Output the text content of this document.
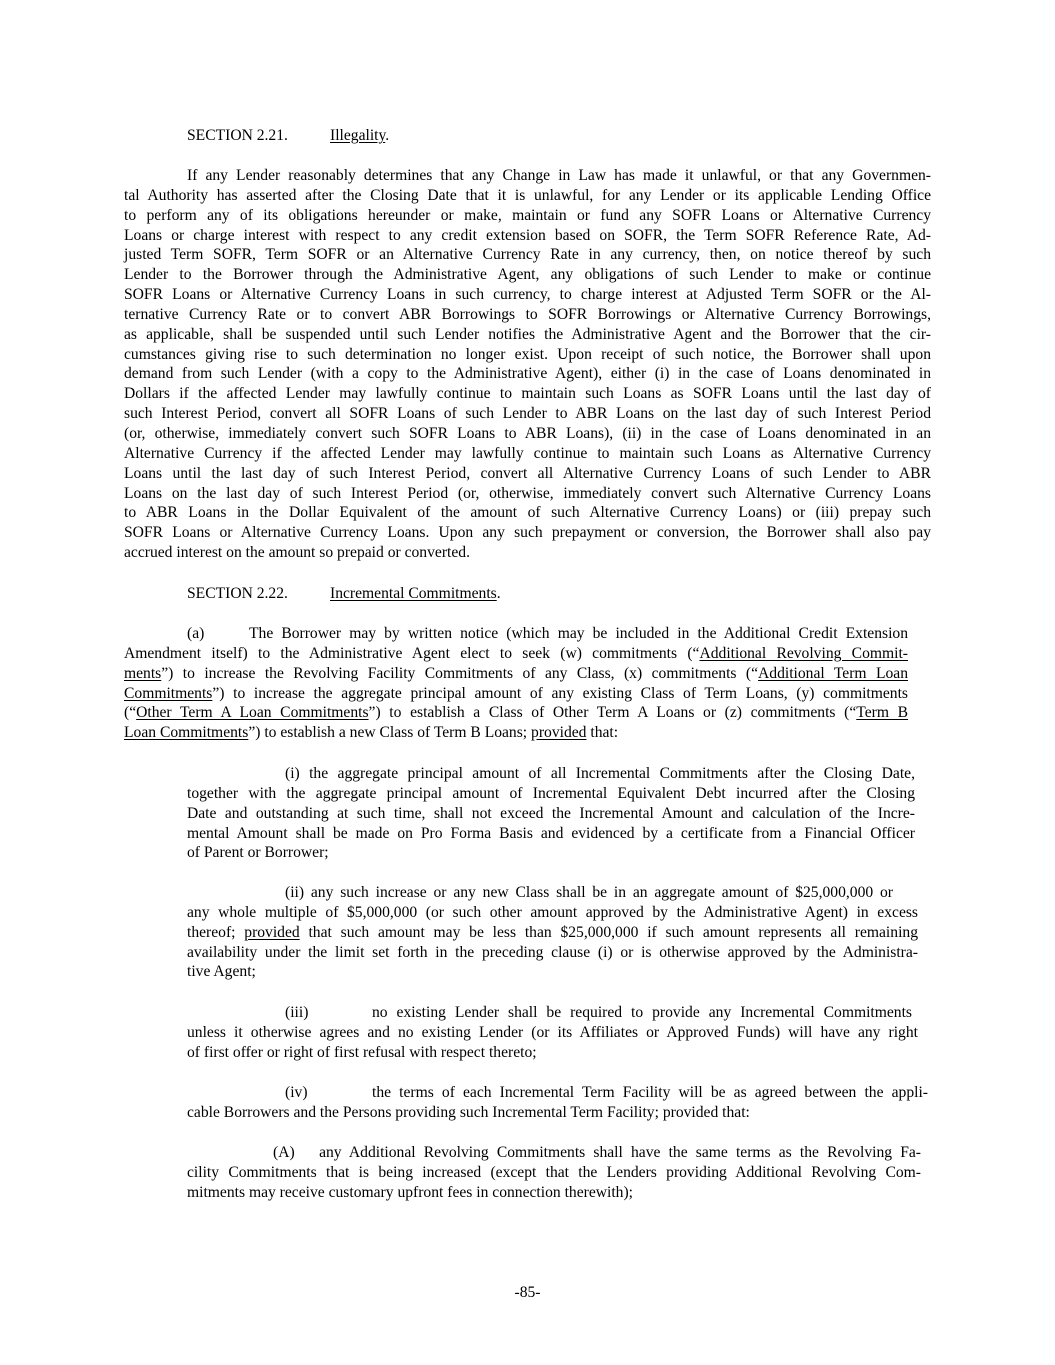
SECTION 2.21.	Illegality.
If any Lender reasonably determines that any Change in Law has made it unlawful, or that any Governmen-
tal Authority has asserted after the Closing Date that it is unlawful, for any Lender or its applicable Lending Office
to perform any of its obligations hereunder or make, maintain or fund any SOFR Loans or Alternative Currency
Loans or charge interest with respect to any credit extension based on SOFR, the Term SOFR Reference Rate, Ad-
justed Term SOFR, Term SOFR or an Alternative Currency Rate in any currency, then, on notice thereof by such
Lender to the Borrower through the Administrative Agent, any obligations of such Lender to make or continue
SOFR Loans or Alternative Currency Loans in such currency, to charge interest at Adjusted Term SOFR or the Al-
ternative Currency Rate or to convert ABR Borrowings to SOFR Borrowings or Alternative Currency Borrowings,
as applicable, shall be suspended until such Lender notifies the Administrative Agent and the Borrower that the cir-
cumstances giving rise to such determination no longer exist. Upon receipt of such notice, the Borrower shall upon
demand from such Lender (with a copy to the Administrative Agent), either (i) in the case of Loans denominated in
Dollars if the affected Lender may lawfully continue to maintain such Loans as SOFR Loans until the last day of
such Interest Period, convert all SOFR Loans of such Lender to ABR Loans on the last day of such Interest Period
(or, otherwise, immediately convert such SOFR Loans to ABR Loans), (ii) in the case of Loans denominated in an
Alternative Currency if the affected Lender may lawfully continue to maintain such Loans as Alternative Currency
Loans until the last day of such Interest Period, convert all Alternative Currency Loans of such Lender to ABR
Loans on the last day of such Interest Period (or, otherwise, immediately convert such Alternative Currency Loans
to ABR Loans in the Dollar Equivalent of the amount of such Alternative Currency Loans) or (iii) prepay such
SOFR Loans or Alternative Currency Loans. Upon any such prepayment or conversion, the Borrower shall also pay
accrued interest on the amount so prepaid or converted.
SECTION 2.22.	Incremental Commitments.
(a)	The Borrower may by written notice (which may be included in the Additional Credit Extension
Amendment itself) to the Administrative Agent elect to seek (w) commitments (“Additional Revolving Commit-
ments”) to increase the Revolving Facility Commitments of any Class, (x) commitments (“Additional Term Loan
Commitments”) to increase the aggregate principal amount of any existing Class of Term Loans, (y) commitments
(“Other Term A Loan Commitments”) to establish a Class of Other Term A Loans or (z) commitments (“Term B
Loan Commitments”) to establish a new Class of Term B Loans; provided that:
(i) the aggregate principal amount of all Incremental Commitments after the Closing Date,
together with the aggregate principal amount of Incremental Equivalent Debt incurred after the Closing
Date and outstanding at such time, shall not exceed the Incremental Amount and calculation of the Incre-
mental Amount shall be made on Pro Forma Basis and evidenced by a certificate from a Financial Officer
of Parent or Borrower;
(ii) any such increase or any new Class shall be in an aggregate amount of $25,000,000 or
any whole multiple of $5,000,000 (or such other amount approved by the Administrative Agent) in excess
thereof; provided that such amount may be less than $25,000,000 if such amount represents all remaining
availability under the limit set forth in the preceding clause (i) or is otherwise approved by the Administra-
tive Agent;
(iii)	no existing Lender shall be required to provide any Incremental Commitments
unless it otherwise agrees and no existing Lender (or its Affiliates or Approved Funds) will have any right
of first offer or right of first refusal with respect thereto;
(iv)	the terms of each Incremental Term Facility will be as agreed between the appli-
cable Borrowers and the Persons providing such Incremental Term Facility; provided that:
(A)   any Additional Revolving Commitments shall have the same terms as the Revolving Fa-
cility Commitments that is being increased (except that the Lenders providing Additional Revolving Com-
mitments may receive customary upfront fees in connection therewith);
-85-
